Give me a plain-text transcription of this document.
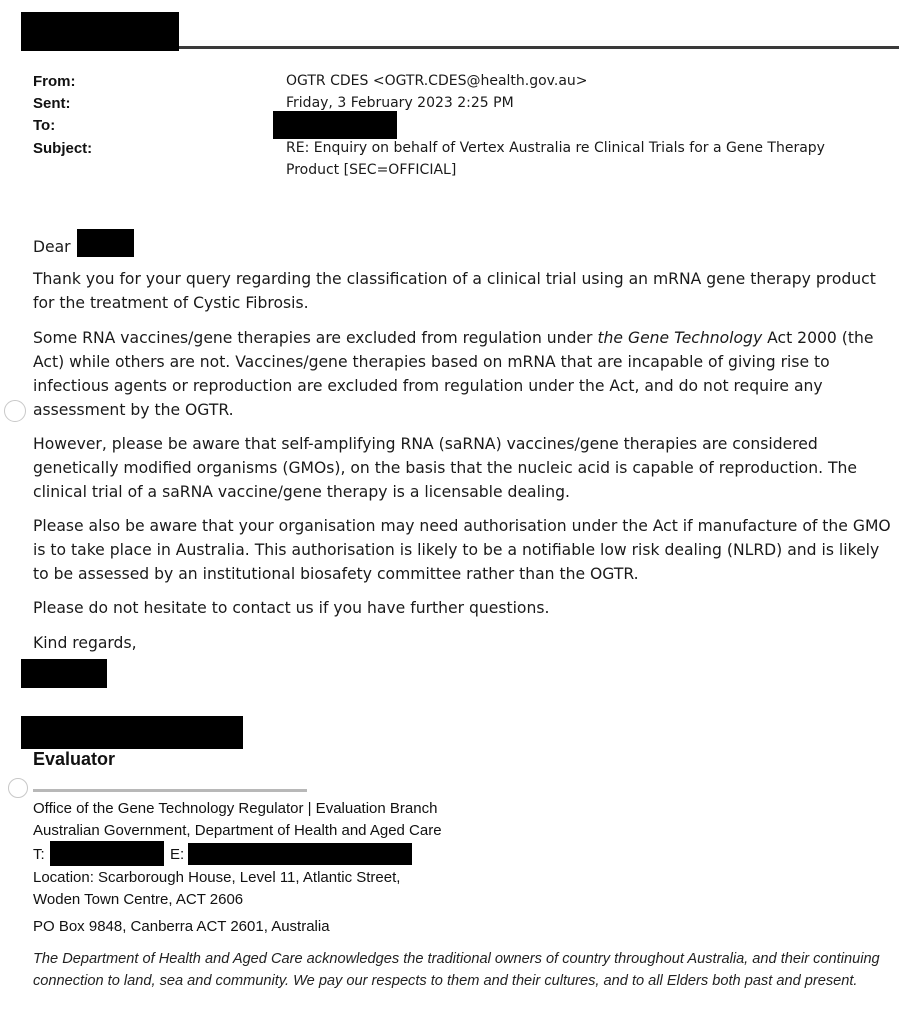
From:	OGTR CDES <OGTR.CDES@health.gov.au>
Sent:	Friday, 3 February 2023 2:25 PM
To:
Subject:	RE: Enquiry on behalf of Vertex Australia re Clinical Trials for a Gene Therapy
Product [SEC=OFFICIAL]
Dear

Thank you for your query regarding the classification of a clinical trial using an mRNA gene therapy product for the treatment of Cystic Fibrosis.

Some RNA vaccines/gene therapies are excluded from regulation under the Gene Technology Act 2000 (the Act) while others are not. Vaccines/gene therapies based on mRNA that are incapable of giving rise to infectious agents or reproduction are excluded from regulation under the Act, and do not require any assessment by the OGTR.

However, please be aware that self-amplifying RNA (saRNA) vaccines/gene therapies are considered genetically modified organisms (GMOs), on the basis that the nucleic acid is capable of reproduction. The clinical trial of a saRNA vaccine/gene therapy is a licensable dealing.

Please also be aware that your organisation may need authorisation under the Act if manufacture of the GMO is to take place in Australia. This authorisation is likely to be a notifiable low risk dealing (NLRD) and is likely to be assessed by an institutional biosafety committee rather than the OGTR.

Please do not hesitate to contact us if you have further questions.

Kind regards,

Evaluator
Office of the Gene Technology Regulator | Evaluation Branch
Australian Government, Department of Health and Aged Care
T:	E:
Location: Scarborough House, Level 11, Atlantic Street,
Woden Town Centre, ACT 2606
PO Box 9848, Canberra ACT 2601, Australia
The Department of Health and Aged Care acknowledges the traditional owners of country throughout Australia, and their continuing connection to land, sea and community. We pay our respects to them and their cultures, and to all Elders both past and present.
